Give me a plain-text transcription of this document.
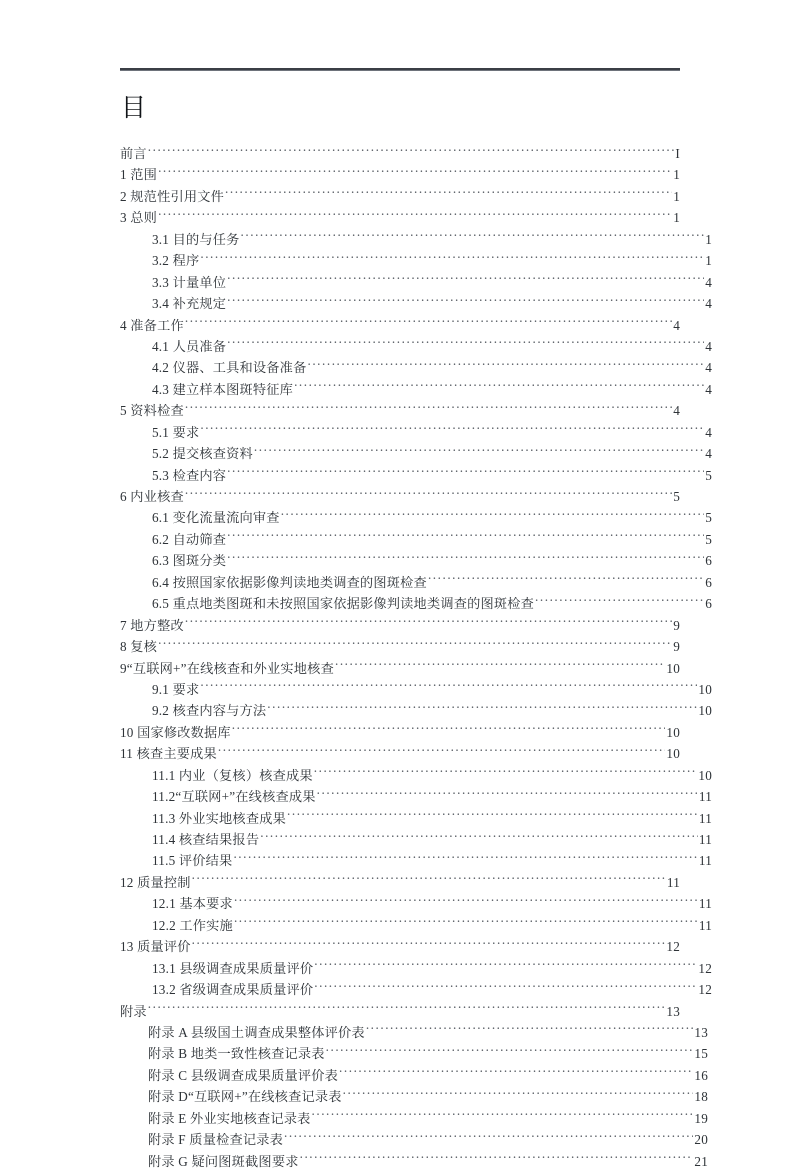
目
前言 .....	I
1 范围 .....	1
2 规范性引用文件 .....	1
3 总则 .....	1
3.1 目的与任务 .....	1
3.2 程序 .....	1
3.3 计量单位 .....	4
3.4 补充规定 .....	4
4 准备工作 .....	4
4.1 人员准备 .....	4
4.2 仪器、工具和设备准备 .....	4
4.3 建立样本图斑特征库 .....	4
5 资料检查 .....	4
5.1 要求 .....	4
5.2 提交核查资料 .....	4
5.3 检查内容 .....	5
6 内业核查 .....	5
6.1 变化流量流向审查 .....	5
6.2 自动筛查 .....	5
6.3 图斑分类 .....	6
6.4 按照国家依据影像判读地类调查的图斑检查 .....	6
6.5 重点地类图斑和未按照国家依据影像判读地类调查的图斑检查 .....	6
7 地方整改 .....	9
8 复核 .....	9
9“互联网+”在线核查和外业实地核查 .....	10
9.1 要求 .....	10
9.2 核查内容与方法 .....	10
10 国家修改数据库 .....	10
11 核查主要成果 .....	10
11.1 内业（复核）核查成果 .....	10
11.2“互联网+”在线核查成果 .....	11
11.3 外业实地核查成果 .....	11
11.4 核查结果报告 .....	11
11.5 评价结果 .....	11
12 质量控制 .....	11
12.1 基本要求 .....	11
12.2 工作实施 .....	11
13 质量评价 .....	12
13.1 县级调查成果质量评价 .....	12
13.2 省级调查成果质量评价 .....	12
附录 .....	13
附录 A 县级国土调查成果整体评价表 .....	13
附录 B 地类一致性核查记录表 .....	15
附录 C 县级调查成果质量评价表 .....	16
附录 D“互联网+”在线核查记录表 .....	18
附录 E 外业实地核查记录表 .....	19
附录 F 质量检查记录表 .....	20
附录 G 疑问图斑截图要求 .....	21
